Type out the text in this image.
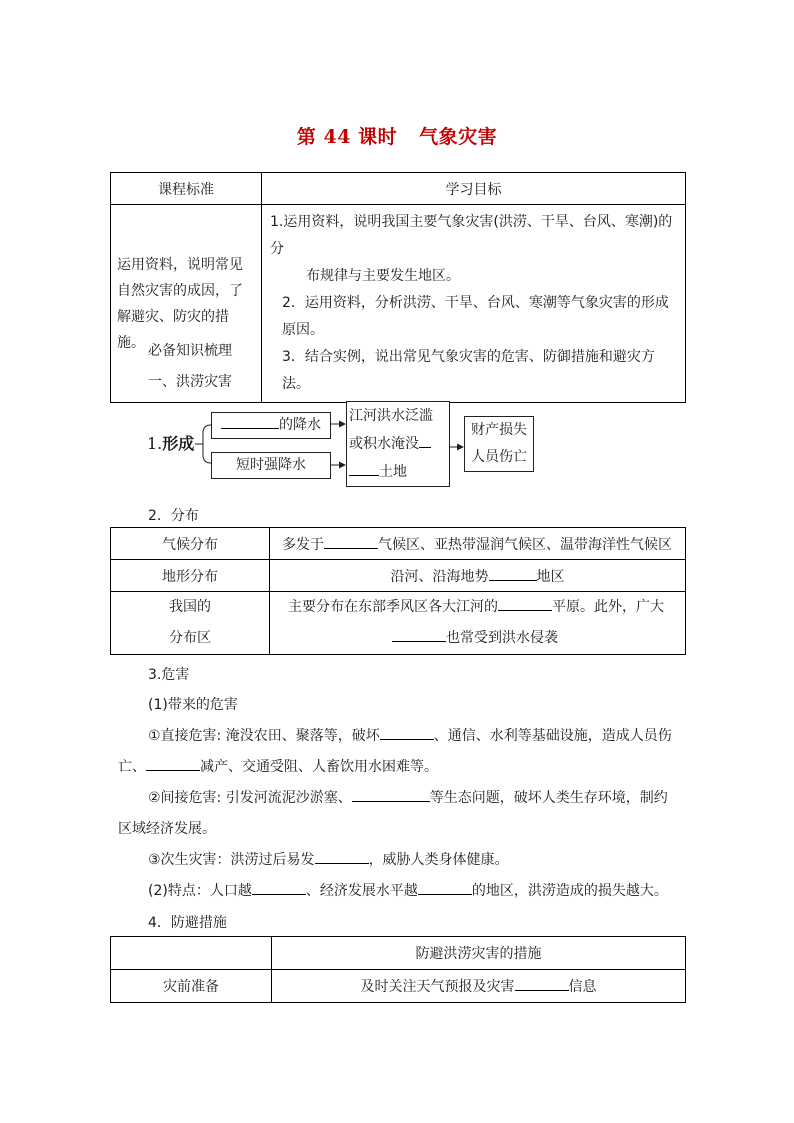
第 44 课时 气象灾害
课程标准	学习目标

运用资料，说明常见
自然灾害的成因，了
解避灾、防灾的措施。	1.运用资料，说明我国主要气象灾害(洪涝、干旱、台风、寒潮)的分
布规律与主要发生地区。
2．运用资料，分析洪涝、干旱、台风、寒潮等气象灾害的形成原因。
3．结合实例，说出常见气象灾害的危害、防御措施和避灾方法。
必备知识梳理
一、洪涝灾害
1.形成
的降水
短时强降水
江河洪水泛滥
或积水淹没
土地
财产损失
人员伤亡
2．分布
气候分布	多发于 气候区、亚热带湿润气候区、温带海洋性气候区
地形分布	沿河、沿海地势 地区

我国的
分布区	主要分布在东部季风区各大江河的 平原。此外，广大
也常受到洪水侵袭
3.危害
(1)带来的危害
①直接危害: 淹没农田、聚落等，破坏	、通信、水利等基础设施，造成人员伤
亡、	减产、交通受阻、人畜饮用水困难等。
②间接危害: 引发河流泥沙淤塞、	等生态问题，破坏人类生存环境，制约
区域经济发展。
③次生灾害：洪涝过后易发	，威胁人类身体健康。
(2)特点：人口越	、经济发展水平越	的地区，洪涝造成的损失越大。
4．防避措施
	防避洪涝灾害的措施
灾前准备	及时关注天气预报及灾害 信息
